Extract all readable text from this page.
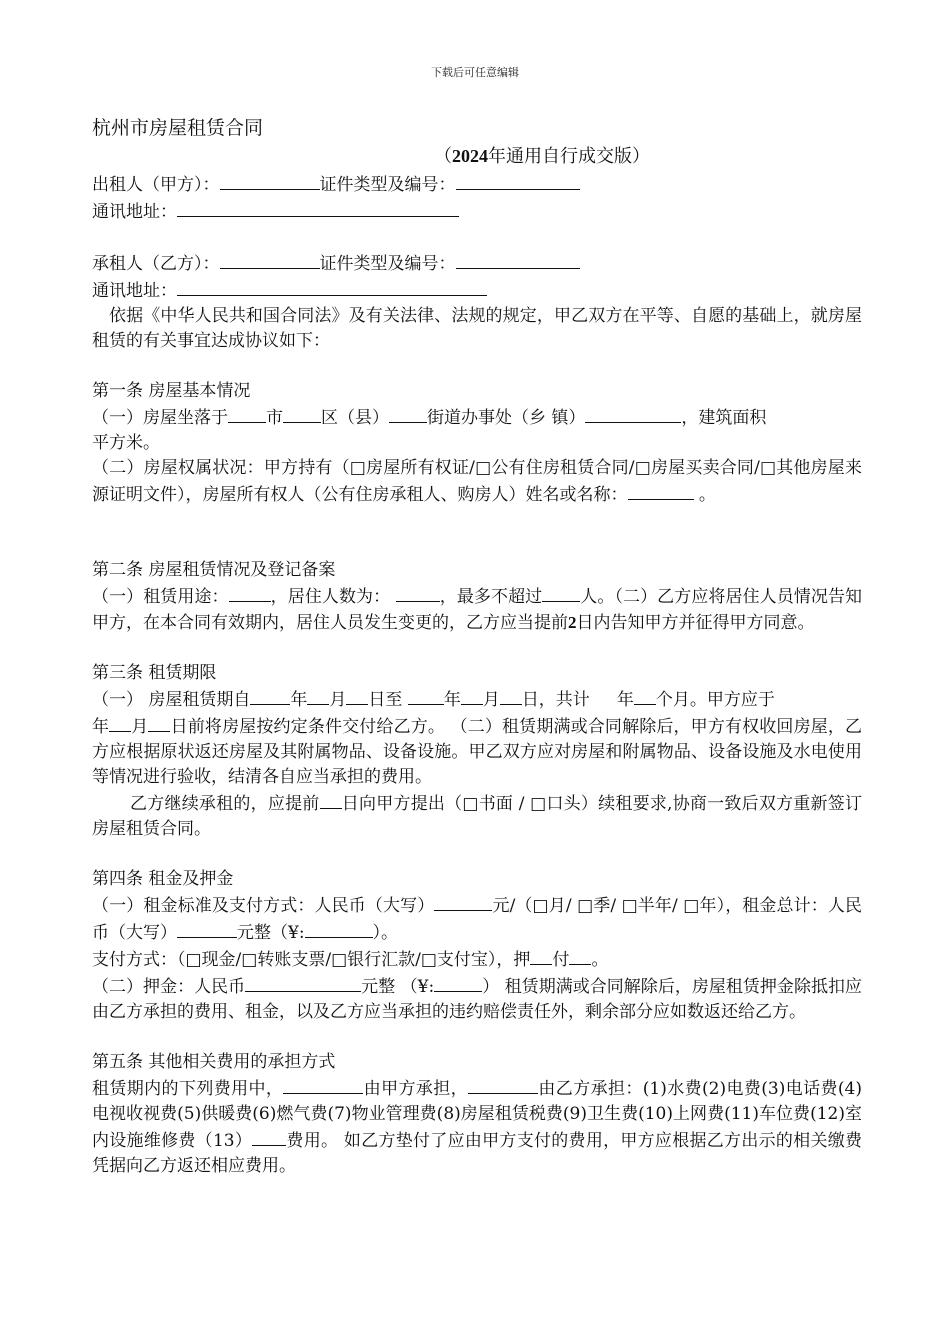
下载后可任意编辑

杭州市房屋租赁合同

（2024年通用自行成交版）

出租人（甲方）：	证件类型及编号：

通讯地址：

承租人（乙方）：	证件类型及编号：

通讯地址：

依据《中华人民共和国合同法》及有关法律、法规的规定，甲乙双方在平等、自愿的基础上，就房屋租赁的有关事宜达成协议如下：

第一条 房屋基本情况

（一）房屋坐落于 市 区（县） 街道办事处（乡 镇）	，建筑面积
平方米。

（二）房屋权属状况：甲方持有（□房屋所有权证/□公有住房租赁合同/□房屋买卖合同/□其他房屋来源证明文件），房屋所有权人（公有住房承租人、购房人）姓名或名称：	。

第二条 房屋租赁情况及登记备案

（一）租赁用途： ，居住人数为：	，最多不超过 人。（二）乙方应将居住人员情况告知甲方，在本合同有效期内，居住人员发生变更的，乙方应当提前2日内告知甲方并征得甲方同意。

第三条 租赁期限

（一） 房屋租赁期自 年 月 日至 年 月 日，共计 年 个月。甲方应于
年 月 日前将房屋按约定条件交付给乙方。 （二）租赁期满或合同解除后，甲方有权收回房屋，乙方应根据原状返还房屋及其附属物品、设备设施。甲乙双方应对房屋和附属物品、设备设施及水电使用等情况进行验收，结清各自应当承担的费用。

乙方继续承租的，应提前 日向甲方提出（□书面 / □口头）续租要求,协商一致后双方重新签订房屋租赁合同。

第四条 租金及押金

（一）租金标准及支付方式：人民币（大写）	元/（□月/ □季/ □半年/ □年），租金总计：人民币（大写）	元整（¥:	）。

支付方式：（□现金/□转账支票/□银行汇款/□支付宝），押 付 。

（二）押金：人民币	元整 （¥:	） 租赁期满或合同解除后，房屋租赁押金除抵扣应由乙方承担的费用、租金，以及乙方应当承担的违约赔偿责任外，剩余部分应如数返还给乙方。

第五条 其他相关费用的承担方式

租赁期内的下列费用中，	由甲方承担，	由乙方承担：(1)水费(2)电费(3)电话费(4)电视收视费(5)供暖费(6)燃气费(7)物业管理费(8)房屋租赁税费(9)卫生费(10)上网费(11)车位费(12)室内设施维修费（13） 费用。 如乙方垫付了应由甲方支付的费用，甲方应根据乙方出示的相关缴费凭据向乙方返还相应费用。
